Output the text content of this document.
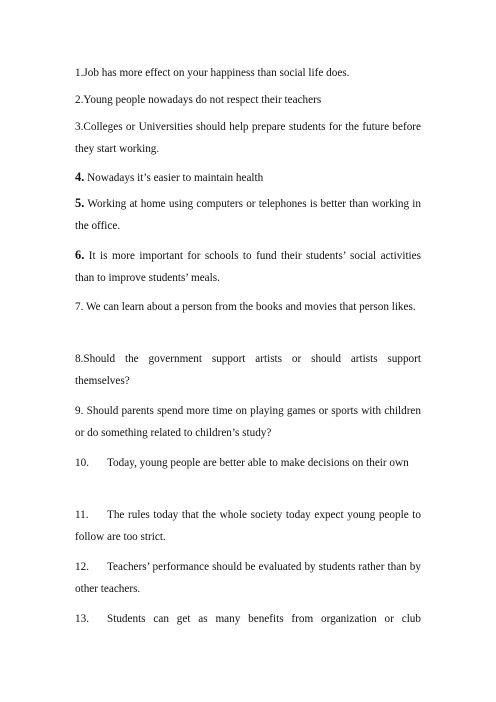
1.Job has more effect on your happiness than social life does.

2.Young people nowadays do not respect their teachers

3.Colleges or Universities should help prepare students for the future before they start working.

4. Nowadays it’s easier to maintain health

5. Working at home using computers or telephones is better than working in the office.

6. It is more important for schools to fund their students’ social activities than to improve students’ meals.

7. We can learn about a person from the books and movies that person likes.

8.Should the government support artists or should artists support themselves?

9. Should parents spend more time on playing games or sports with children or do something related to children’s study?

10. Today, young people are better able to make decisions on their own

11. The rules today that the whole society today expect young people to follow are too strict.

12. Teachers’ performance should be evaluated by students rather than by other teachers.

13. Students can get as many benefits from organization or club
